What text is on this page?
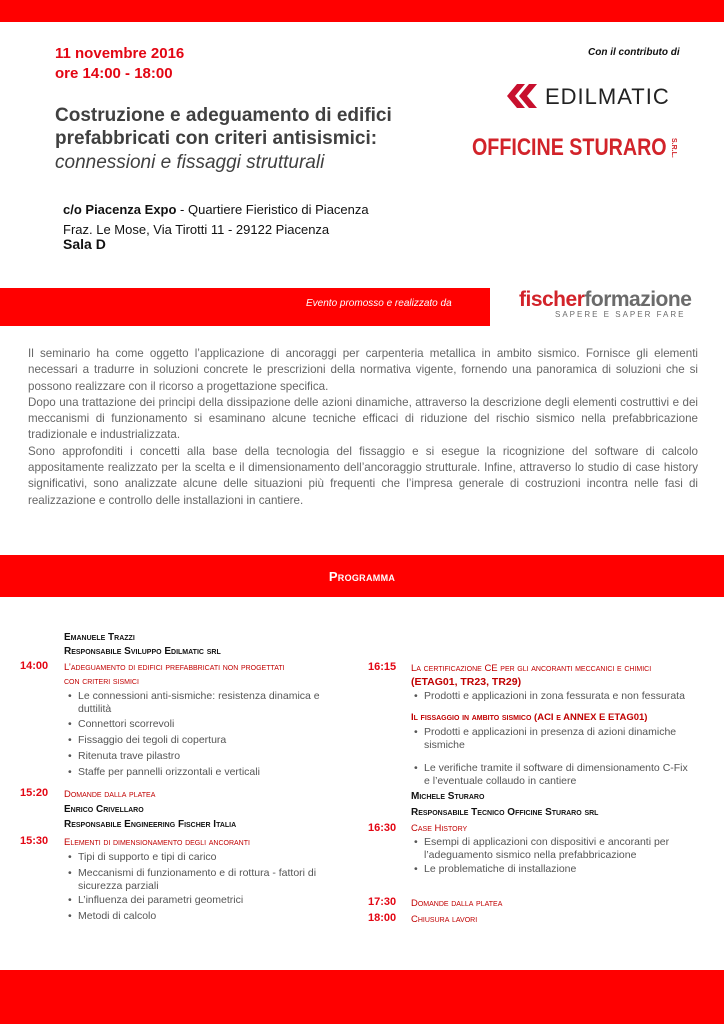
11 novembre 2016
ore 14:00 - 18:00
Con il contributo di
EDILMATIC
OFFICINE STURARO S.R.L.
Costruzione e adeguamento di edifici
prefabbricati con criteri antisismici:
connessioni e fissaggi strutturali
c/o Piacenza Expo - Quartiere Fieristico di Piacenza
Fraz. Le Mose, Via Tirotti 11 - 29122 Piacenza
Sala D
Evento promosso e realizzato da	fischerformazione
SAPERE E SAPER FARE

Il seminario ha come oggetto l’applicazione di ancoraggi per carpenteria metallica in ambito sismico. Fornisce gli elementi necessari a tradurre in soluzioni concrete le prescrizioni della normativa vigente, fornendo una panoramica di soluzioni che si possono realizzare con il ricorso a progettazione specifica.

Dopo una trattazione dei principi della dissipazione delle azioni dinamiche, attraverso la descrizione degli elementi costruttivi e dei meccanismi di funzionamento si esaminano alcune tecniche efficaci di riduzione del rischio sismico nella prefabbricazione tradizionale e industrializzata.

Sono approfonditi i concetti alla base della tecnologia del fissaggio e si esegue la ricognizione del software di calcolo appositamente realizzato per la scelta e il dimensionamento dell’ancoraggio strutturale. Infine, attraverso lo studio di case history significativi, sono analizzate alcune delle situazioni più frequenti che l’impresa generale di costruzioni incontra nelle fasi di realizzazione e controllo delle installazioni in cantiere.

Programma
Emanuele Trazzi
Responsabile Sviluppo Edilmatic srl
14:00 L’adeguamento di edifici prefabbricati non progettati
con criteri sismici
• Le connessioni anti-sismiche: resistenza dinamica e duttilità
• Connettori scorrevoli
• Fissaggio dei tegoli di copertura
• Ritenuta trave pilastro
• Staffe per pannelli orizzontali e verticali
15:20 Domande dalla platea
Enrico Crivellaro
Responsabile Engineering Fischer Italia
15:30 Elementi di dimensionamento degli ancoranti
• Tipi di supporto e tipi di carico
• Meccanismi di funzionamento e di rottura - fattori di sicurezza parziali
• L’influenza dei parametri geometrici
• Metodi di calcolo
16:15 La certificazione CE per gli ancoranti meccanici e chimici
(ETAG01, TR23, TR29)
• Prodotti e applicazioni in zona fessurata e non fessurata
Il fissaggio in ambito sismico (ACI e ANNEX E ETAG01)
• Prodotti e applicazioni in presenza di azioni dinamiche sismiche
• Le verifiche tramite il software di dimensionamento C-Fix e l’eventuale collaudo in cantiere
Michele Sturaro
Responsabile Tecnico Officine Sturaro srl
16:30 Case History
• Esempi di applicazioni con dispositivi e ancoranti per l’adeguamento sismico nella prefabbricazione
• Le problematiche di installazione
17:30 Domande dalla platea
18:00 Chiusura lavori
